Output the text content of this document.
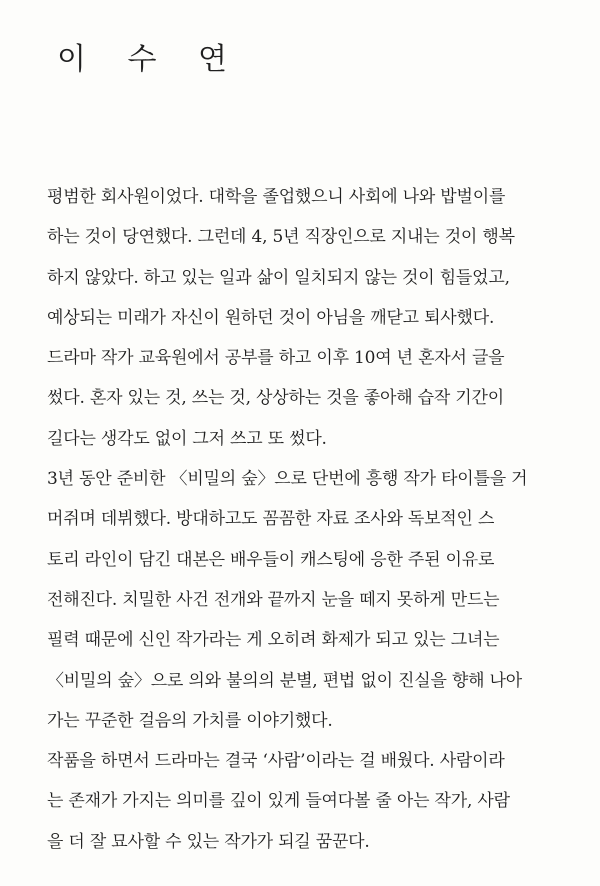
이 수 연
평범한 회사원이었다. 대학을 졸업했으니 사회에 나와 밥벌이를
하는 것이 당연했다. 그런데 4, 5년 직장인으로 지내는 것이 행복
하지 않았다. 하고 있는 일과 삶이 일치되지 않는 것이 힘들었고,
예상되는 미래가 자신이 원하던 것이 아님을 깨닫고 퇴사했다.
드라마 작가 교육원에서 공부를 하고 이후 10여 년 혼자서 글을
썼다. 혼자 있는 것, 쓰는 것, 상상하는 것을 좋아해 습작 기간이
길다는 생각도 없이 그저 쓰고 또 썼다.
3년 동안 준비한 〈비밀의 숲〉으로 단번에 흥행 작가 타이틀을 거
머쥐며 데뷔했다. 방대하고도 꼼꼼한 자료 조사와 독보적인 스
토리 라인이 담긴 대본은 배우들이 캐스팅에 응한 주된 이유로
전해진다. 치밀한 사건 전개와 끝까지 눈을 떼지 못하게 만드는
필력 때문에 신인 작가라는 게 오히려 화제가 되고 있는 그녀는
〈비밀의 숲〉으로 의와 불의의 분별, 편법 없이 진실을 향해 나아
가는 꾸준한 걸음의 가치를 이야기했다.
작품을 하면서 드라마는 결국 ‘사람’이라는 걸 배웠다. 사람이라
는 존재가 가지는 의미를 깊이 있게 들여다볼 줄 아는 작가, 사람
을 더 잘 묘사할 수 있는 작가가 되길 꿈꾼다.
